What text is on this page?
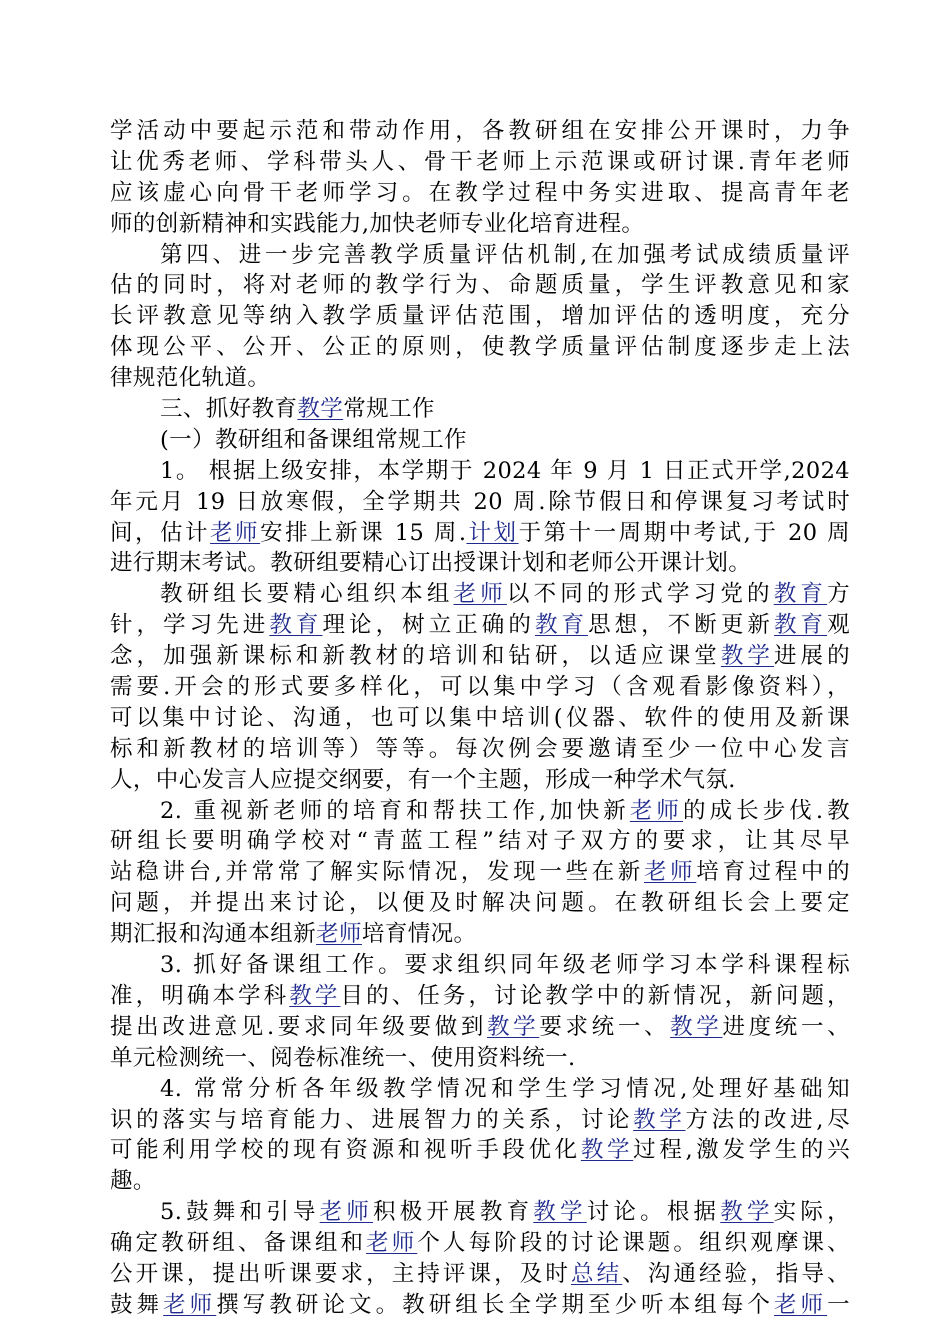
学活动中要起示范和带动作用，各教研组在安排公开课时，力争
让优秀老师、学科带头人、骨干老师上示范课或研讨课.青年老师
应该虚心向骨干老师学习。在教学过程中务实进取、提高青年老
师的创新精神和实践能力,加快老师专业化培育进程。
第四、进一步完善教学质量评估机制,在加强考试成绩质量评
估的同时，将对老师的教学行为、命题质量，学生评教意见和家
长评教意见等纳入教学质量评估范围，增加评估的透明度，充分
体现公平、公开、公正的原则，使教学质量评估制度逐步走上法
律规范化轨道。
三、抓好教育教学常规工作
(一）教研组和备课组常规工作
1。 根据上级安排，本学期于 2024 年 9 月 1 日正式开学,2024
年元月 19 日放寒假，全学期共 20 周.除节假日和停课复习考试时
间，估计老师安排上新课 15 周.计划于第十一周期中考试,于 20 周
进行期末考试。教研组要精心订出授课计划和老师公开课计划。
教研组长要精心组织本组老师以不同的形式学习党的教育方
针，学习先进教育理论，树立正确的教育思想，不断更新教育观
念，加强新课标和新教材的培训和钻研，以适应课堂教学进展的
需要.开会的形式要多样化，可以集中学习（含观看影像资料），
可以集中讨论、沟通，也可以集中培训(仪器、软件的使用及新课
标和新教材的培训等）等等。每次例会要邀请至少一位中心发言
人，中心发言人应提交纲要，有一个主题，形成一种学术气氛.
2. 重视新老师的培育和帮扶工作,加快新老师的成长步伐.教
研组长要明确学校对“青蓝工程”结对子双方的要求，让其尽早
站稳讲台,并常常了解实际情况，发现一些在新老师培育过程中的
问题，并提出来讨论，以便及时解决问题。在教研组长会上要定
期汇报和沟通本组新老师培育情况。
3. 抓好备课组工作。要求组织同年级老师学习本学科课程标
准，明确本学科教学目的、任务，讨论教学中的新情况，新问题，
提出改进意见.要求同年级要做到教学要求统一、教学进度统一、
单元检测统一、阅卷标准统一、使用资料统一.
4. 常常分析各年级教学情况和学生学习情况,处理好基础知
识的落实与培育能力、进展智力的关系，讨论教学方法的改进,尽
可能利用学校的现有资源和视听手段优化教学过程,激发学生的兴
趣。
5.鼓舞和引导老师积极开展教育教学讨论。根据教学实际，
确定教研组、备课组和老师个人每阶段的讨论课题。组织观摩课、
公开课，提出听课要求，主持评课，及时总结、沟通经验，指导、
鼓舞老师撰写教研论文。教研组长全学期至少听本组每个老师一
